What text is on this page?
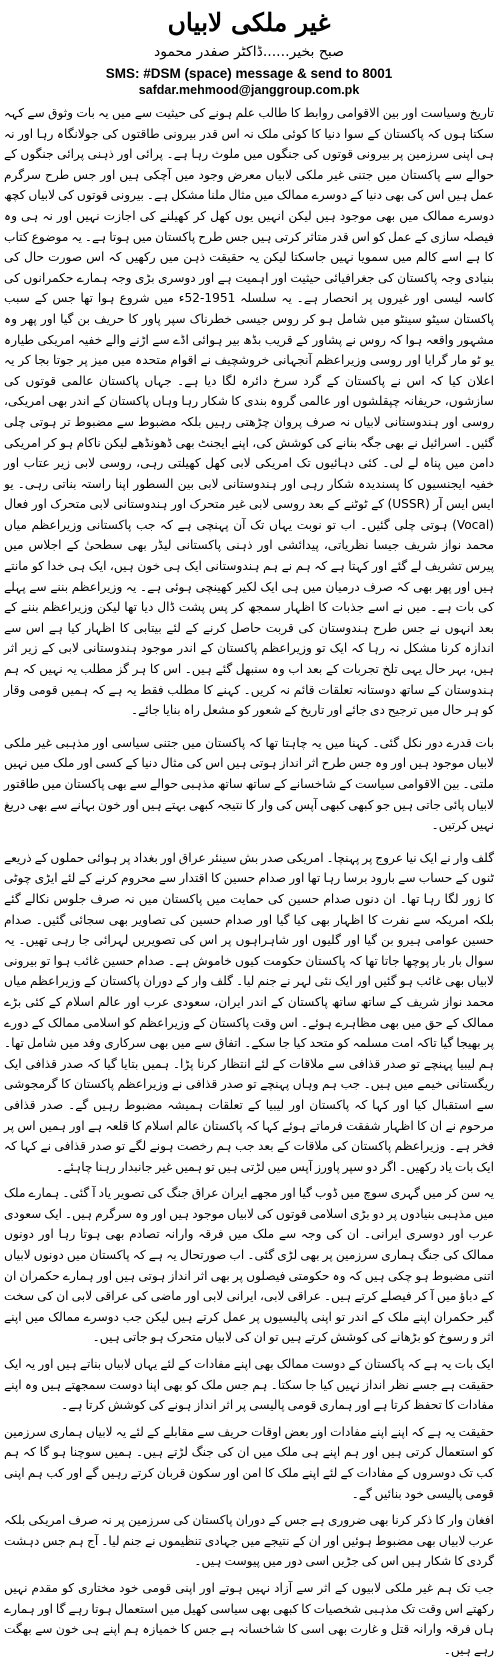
غیر ملکی لابیاں
صبح بخیر......ڈاکٹر صفدر محمود
SMS: #DSM (space) message & send to 8001
safdar.mehmood@janggroup.com.pk

تاریخ وسیاست اور بین الاقوامی روابط کا طالب علم ہونے کی حیثیت سے میں یہ بات وثوق سے کہہ سکتا ہوں کہ پاکستان کے سوا دنیا کا کوئی ملک نہ اس قدر بیرونی طاقتوں کی جولانگاہ رہا اور نہ ہی اپنی سرزمین پر بیرونی قوتوں کی جنگوں میں ملوث رہا ہے۔ پرائی اور ذہنی پرائی جنگوں کے حوالے سے پاکستان میں جتنی غیر ملکی لابیاں معرض وجود میں آچکی ہیں اور جس طرح سرگرم عمل ہیں اس کی بھی دنیا کے دوسرے ممالک میں مثال ملنا مشکل ہے۔ بیرونی قوتوں کی لابیاں کچھ دوسرے ممالک میں بھی موجود ہیں لیکن انہیں یوں کھل کر کھیلنے کی اجازت نہیں اور نہ ہی وہ فیصلہ سازی کے عمل کو اس قدر متاثر کرتی ہیں جس طرح پاکستان میں ہوتا ہے۔ یہ موضوع کتاب کا ہے اسے کالم میں سمویا نہیں جاسکتا لیکن یہ حقیقت ذہن میں رکھیں کہ اس صورت حال کی بنیادی وجہ پاکستان کی جغرافیائی حیثیت اور اہمیت ہے اور دوسری بڑی وجہ ہمارے حکمرانوں کی کاسہ لیسی اور غیروں پر انحصار ہے۔ یہ سلسلہ 1951-52ء میں شروع ہوا تھا جس کے سبب پاکستان سیٹو سینٹو میں شامل ہو کر روس جیسی خطرناک سپر پاور کا حریف بن گیا اور پھر وہ مشہور واقعہ ہوا کہ روس نے پشاور کے قریب بڈھ بیر ہوائی اڈے سے اڑنے والے خفیہ امریکی طیارہ یو ٹو مار گرایا اور روسی وزیراعظم آنجہانی خروشچیف نے اقوام متحدہ میں میز پر جوتا بجا کر یہ اعلان کیا کہ اس نے پاکستان کے گرد سرخ دائرہ لگا دیا ہے۔ جہاں پاکستان عالمی قوتوں کی سازشوں، حریفانہ چپقلشوں اور عالمی گروہ بندی کا شکار رہا وہاں پاکستان کے اندر بھی امریکی، روسی اور ہندوستانی لابیاں نہ صرف پروان چڑھتی رہیں بلکہ مضبوط سے مضبوط تر ہوتی چلی گئیں۔ اسرائیل نے بھی جگہ بنانے کی کوشش کی، اپنے ایجنٹ بھی ڈھونڈھے لیکن ناکام ہو کر امریکی دامن میں پناہ لے لی۔ کئی دہائیوں تک امریکی لابی کھل کھیلتی رہی، روسی لابی زیر عتاب اور خفیہ ایجنسیوں کا پسندیدہ شکار رہی اور ہندوستانی لابی بین السطور اپنا راستہ بناتی رہی۔ یو ایس ایس آر (USSR) کے ٹوٹنے کے بعد روسی لابی غیر متحرک اور ہندوستانی لابی متحرک اور فعال (Vocal) ہوتی چلی گئیں۔ اب تو نوبت یہاں تک آن پہنچی ہے کہ جب پاکستانی وزیراعظم میاں محمد نواز شریف جیسا نظریاتی، پیدائشی اور ذہنی پاکستانی لیڈر بھی سطحیٰ کے اجلاس میں پیرس تشریف لے گئے اور کہتا ہے کہ ہم نے ہم ہندوستانی ایک ہی خون ہیں، ایک ہی خدا کو مانتے ہیں اور پھر بھی کہ صرف درمیان میں ہی ایک لکیر کھینچی ہوئی ہے۔ یہ وزیراعظم بننے سے پہلے کی بات ہے۔ میں نے اسے جذبات کا اظہار سمجھ کر پس پشت ڈال دیا تھا لیکن وزیراعظم بننے کے بعد انہوں نے جس طرح ہندوستان کی قربت حاصل کرنے کے لئے بیتابی کا اظہار کیا ہے اس سے اندازہ کرنا مشکل نہ رہا کہ ایک تو وزیراعظم پاکستان کے اندر موجود ہندوستانی لابی کے زیر اثر ہیں، بہر حال یہی تلخ تجربات کے بعد اب وہ سنبھل گئے ہیں۔ اس کا ہر گز مطلب یہ نہیں کہ ہم ہندوستان کے ساتھ دوستانہ تعلقات قائم نہ کریں۔ کہنے کا مطلب فقط یہ ہے کہ ہمیں قومی وقار کو ہر حال میں ترجیح دی جائے اور تاریخ کے شعور کو مشعل راہ بنایا جائے۔

بات قدرے دور نکل گئی۔ کہنا میں یہ چاہتا تھا کہ پاکستان میں جتنی سیاسی اور مذہبی غیر ملکی لابیاں موجود ہیں اور وہ جس طرح اثر انداز ہوتی ہیں اس کی مثال دنیا کے کسی اور ملک میں نہیں ملتی۔ بین الاقوامی سیاست کے شاخسانے کے ساتھ ساتھ مذہبی حوالے سے بھی پاکستان میں طاقتور لابیاں پائی جاتی ہیں جو کبھی کبھی آپس کی وار کا نتیجہ کبھی بہتے ہیں اور خون بہانے سے بھی دریغ نہیں کرتیں۔

گلف وار نے ایک نیا عروج پر پہنچا۔ امریکی صدر بش سینئر عراق اور بغداد پر ہوائی حملوں کے ذریعے ٹنوں کے حساب سے بارود برسا رہا تھا اور صدام حسین کا اقتدار سے محروم کرنے کے لئے ایڑی چوٹی کا زور لگا رہا تھا۔ ان دنوں صدام حسین کی حمایت میں پاکستان میں نہ صرف جلوس نکالے گئے بلکہ امریکہ سے نفرت کا اظہار بھی کیا گیا اور صدام حسین کی تصاویر بھی سجائی گئیں۔ صدام حسین عوامی ہیرو بن گیا اور گلیوں اور شاہراہوں پر اس کی تصویریں لہرائی جا رہی تھیں۔ یہ سوال بار بار پوچھا جاتا تھا کہ پاکستان حکومت کیوں خاموش ہے۔ صدام حسین غائب ہوا تو بیرونی لابیاں بھی غائب ہو گئیں اور ایک نئی لہر نے جنم لیا۔ گلف وار کے دوران پاکستان کے وزیراعظم میاں محمد نواز شریف کے ساتھ ساتھ پاکستان کے اندر ایران، سعودی عرب اور عالم اسلام کے کئی بڑے ممالک کے حق میں بھی مظاہرے ہوئے۔ اس وقت پاکستان کے وزیراعظم کو اسلامی ممالک کے دورے پر بھیجا گیا تاکہ امت مسلمہ کو متحد کیا جا سکے۔ اتفاق سے میں بھی سرکاری وفد میں شامل تھا۔ ہم لیبیا پہنچے تو صدر قذافی سے ملاقات کے لئے انتظار کرنا پڑا۔ ہمیں بتایا گیا کہ صدر قذافی ایک ریگستانی خیمے میں ہیں۔ جب ہم وہاں پہنچے تو صدر قذافی نے وزیراعظم پاکستان کا گرمجوشی سے استقبال کیا اور کہا کہ پاکستان اور لیبیا کے تعلقات ہمیشہ مضبوط رہیں گے۔ صدر قذافی مرحوم نے ان کا اظہار شفقت فرماتے ہوئے کہا کہ پاکستان عالم اسلام کا قلعہ ہے اور ہمیں اس پر فخر ہے۔ وزیراعظم پاکستان کی ملاقات کے بعد جب ہم رخصت ہونے لگے تو صدر قذافی نے کہا کہ ایک بات یاد رکھیں۔ اگر دو سپر پاورز آپس میں لڑتی ہیں تو ہمیں غیر جانبدار رہنا چاہئے۔

یہ سن کر میں گہری سوچ میں ڈوب گیا اور مجھے ایران عراق جنگ کی تصویر یاد آ گئی۔ ہمارے ملک میں مذہبی بنیادوں پر دو بڑی اسلامی قوتوں کی لابیاں موجود ہیں اور وہ سرگرم ہیں۔ ایک سعودی عرب اور دوسری ایرانی۔ ان کی وجہ سے ملک میں فرقہ وارانہ تصادم بھی ہوتا رہا اور دونوں ممالک کی جنگ ہماری سرزمین پر بھی لڑی گئی۔ اب صورتحال یہ ہے کہ پاکستان میں دونوں لابیاں اتنی مضبوط ہو چکی ہیں کہ وہ حکومتی فیصلوں پر بھی اثر انداز ہوتی ہیں اور ہمارے حکمران ان کے دباؤ میں آ کر فیصلے کرتے ہیں۔ عراقی لابی، ایرانی لابی اور ماضی کی عراقی لابی ان کی سخت گیر حکمران اپنے ملک کے اندر تو اپنی پالیسیوں پر عمل کرتے ہیں لیکن جب دوسرے ممالک میں اپنے اثر و رسوخ کو بڑھانے کی کوشش کرتے ہیں تو ان کی لابیاں متحرک ہو جاتی ہیں۔

ایک بات یہ ہے کہ پاکستان کے دوست ممالک بھی اپنے مفادات کے لئے یہاں لابیاں بناتے ہیں اور یہ ایک حقیقت ہے جسے نظر انداز نہیں کیا جا سکتا۔ ہم جس ملک کو بھی اپنا دوست سمجھتے ہیں وہ اپنے مفادات کا تحفظ کرتا ہے اور ہماری قومی پالیسی پر اثر انداز ہونے کی کوشش کرتا ہے۔

حقیقت یہ ہے کہ اپنے اپنے مفادات اور بعض اوقات حریف سے مقابلے کے لئے یہ لابیاں ہماری سرزمین کو استعمال کرتی ہیں اور ہم اپنے ہی ملک میں ان کی جنگ لڑتے ہیں۔ ہمیں سوچنا ہو گا کہ ہم کب تک دوسروں کے مفادات کے لئے اپنے ملک کا امن اور سکون قربان کرتے رہیں گے اور کب ہم اپنی قومی پالیسی خود بنائیں گے۔

افغان وار کا ذکر کرنا بھی ضروری ہے جس کے دوران پاکستان کی سرزمین پر نہ صرف امریکی بلکہ عرب لابیاں بھی مضبوط ہوئیں اور ان کے نتیجے میں جہادی تنظیموں نے جنم لیا۔ آج ہم جس دہشت گردی کا شکار ہیں اس کی جڑیں اسی دور میں پیوست ہیں۔

جب تک ہم غیر ملکی لابیوں کے اثر سے آزاد نہیں ہوتے اور اپنی قومی خود مختاری کو مقدم نہیں رکھتے اس وقت تک مذہبی شخصیات کا کبھی بھی سیاسی کھیل میں استعمال ہوتا رہے گا اور ہمارے ہاں فرقہ وارانہ قتل و غارت بھی اسی کا شاخسانہ ہے جس کا خمیازہ ہم اپنے ہی خون سے بھگت رہے ہیں۔
